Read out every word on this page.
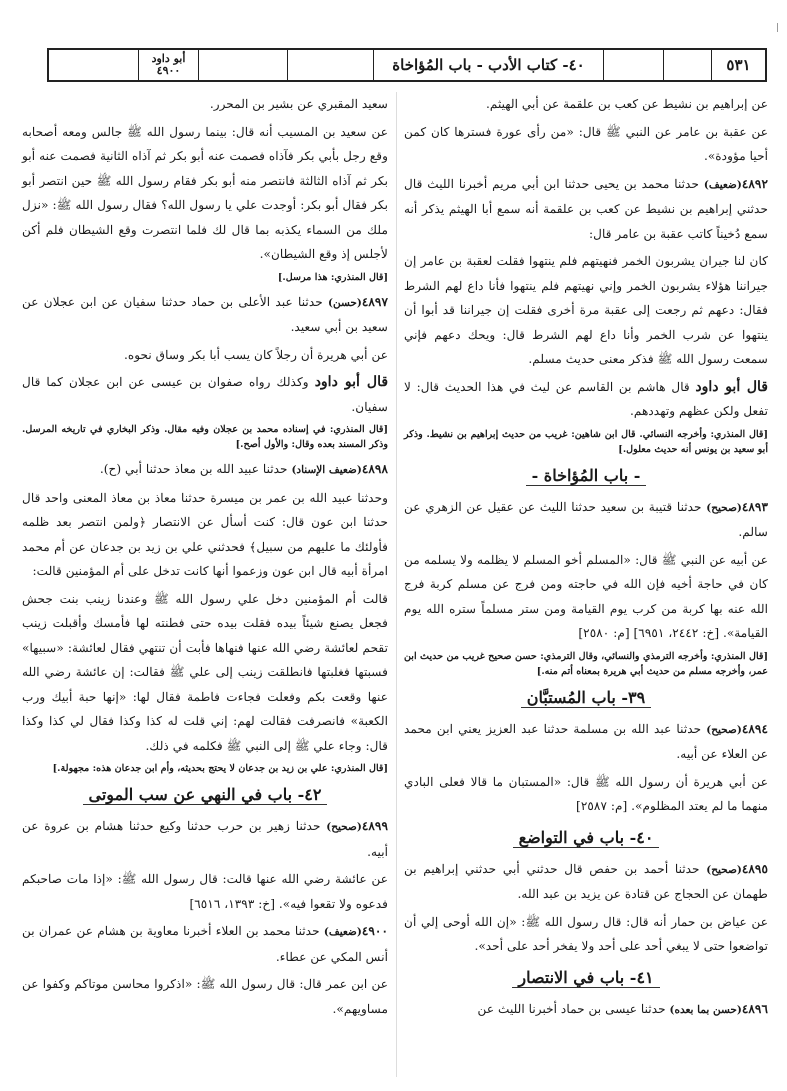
٥٣١
٤٠- كتاب الأدب - باب المُؤاخاة
أبو داود
٤٩٠٠

عن إبراهيم بن نشيط عن كعب بن علقمة عن أبي الهيثم.

عن عقبة بن عامر عن النبي ﷺ قال: «من رأى عورة فسترها كان كمن أحيا مؤودة».

٤٨٩٢(ضعيف) حدثنا محمد بن يحيى حدثنا ابن أبي مريم أخبرنا الليث قال حدثني إبراهيم بن نشيط عن كعب بن علقمة أنه سمع أبا الهيثم يذكر أنه سمع دُخيناً كاتب عقبة بن عامر قال:

كان لنا جيران يشربون الخمر فنهيتهم فلم ينتهوا فقلت لعقبة بن عامر إن جيراننا هؤلاء يشربون الخمر وإني نهيتهم فلم ينتهوا فأنا داع لهم الشرط فقال: دعهم ثم رجعت إلى عقبة مرة أخرى فقلت إن جيراننا قد أبوا أن ينتهوا عن شرب الخمر وأنا داع لهم الشرط قال: ويحك دعهم فإني سمعت رسول الله ﷺ فذكر معنى حديث مسلم.

قال أبو داود قال هاشم بن القاسم عن ليث في هذا الحديث قال: لا تفعل ولكن عظهم وتهددهم.

[قال المنذري: وأخرجه النسائي. قال ابن شاهين: غريب من حديث إبراهيم بن نشيط. وذكر أبو سعيد بن يونس أنه حديث معلول.]

- باب المُؤاخاة -

٤٨٩٣(صحيح) حدثنا قتيبة بن سعيد حدثنا الليث عن عقيل عن الزهري عن سالم.

عن أبيه عن النبي ﷺ قال: «المسلم أخو المسلم لا يظلمه ولا يسلمه من كان في حاجة أخيه فإن الله في حاجته ومن فرج عن مسلم كربة فرج الله عنه بها كربة من كرب يوم القيامة ومن ستر مسلماً ستره الله يوم القيامة». [خ: ٢٤٤٢، ٦٩٥١] [م: ٢٥٨٠]

[قال المنذري: وأخرجه الترمذي والنسائي، وقال الترمذي: حسن صحيح غريب من حديث ابن عمر، وأخرجه مسلم من حديث أبي هريرة بمعناه أتم منه.]

٣٩- باب المُستبَّان

٤٨٩٤(صحيح) حدثنا عبد الله بن مسلمة حدثنا عبد العزيز يعني ابن محمد عن العلاء عن أبيه.

عن أبي هريرة أن رسول الله ﷺ قال: «المستبان ما قالا فعلى البادي منهما ما لم يعتد المظلوم». [م: ٢٥٨٧]

٤٠- باب في التواضع

٤٨٩٥(صحيح) حدثنا أحمد بن حفص قال حدثني أبي حدثني إبراهيم بن طهمان عن الحجاج عن قتادة عن يزيد بن عبد الله.

عن عياض بن حمار أنه قال: قال رسول الله ﷺ: «إن الله أوحى إلي أن تواضعوا حتى لا يبغي أحد على أحد ولا يفخر أحد على أحد».

٤١- باب في الانتصار

٤٨٩٦(حسن بما بعده) حدثنا عيسى بن حماد أخبرنا الليث عن

سعيد المقبري عن بشير بن المحرر.

عن سعيد بن المسيب أنه قال: بينما رسول الله ﷺ جالس ومعه أصحابه وقع رجل بأبي بكر فآذاه فصمت عنه أبو بكر ثم آذاه الثانية فصمت عنه أبو بكر ثم آذاه الثالثة فانتصر منه أبو بكر فقام رسول الله ﷺ حين انتصر أبو بكر فقال أبو بكر: أوجدت علي يا رسول الله؟ فقال رسول الله ﷺ: «نزل ملك من السماء يكذبه بما قال لك فلما انتصرت وقع الشيطان فلم أكن لأجلس إذ وقع الشيطان».

[قال المنذري: هذا مرسل.]

٤٨٩٧(حسن) حدثنا عبد الأعلى بن حماد حدثنا سفيان عن ابن عجلان عن سعيد بن أبي سعيد.

عن أبي هريرة أن رجلاً كان يسب أبا بكر وساق نحوه.

قال أبو داود وكذلك رواه صفوان بن عيسى عن ابن عجلان كما قال سفيان.

[قال المنذري: في إسناده محمد بن عجلان وفيه مقال. وذكر البخاري في تاريخه المرسل. وذكر المسند بعده وقال: والأول أصح.]

٤٨٩٨(ضعيف الإسناد) حدثنا عبيد الله بن معاذ حدثنا أبي (ح).

وحدثنا عبيد الله بن عمر بن ميسرة حدثنا معاذ بن معاذ المعنى واحد قال حدثنا ابن عون قال: كنت أسأل عن الانتصار ﴿ولمن انتصر بعد ظلمه فأولئك ما عليهم من سبيل﴾ فحدثني علي بن زيد بن جدعان عن أم محمد امرأة أبيه قال ابن عون وزعموا أنها كانت تدخل على أم المؤمنين قالت:

قالت أم المؤمنين دخل علي رسول الله ﷺ وعندنا زينب بنت جحش فجعل يصنع شيئاً بيده فقلت بيده حتى فطنته لها فأمسك وأقبلت زينب تقحم لعائشة رضي الله عنها فنهاها فأبت أن تنتهي فقال لعائشة: «سبيها» فسبتها فغلبتها فانطلقت زينب إلى علي ﷺ فقالت: إن عائشة رضي الله عنها وقعت بكم وفعلت فجاءت فاطمة فقال لها: «إنها حبة أبيك ورب الكعبة» فانصرفت فقالت لهم: إني قلت له كذا وكذا فقال لي كذا وكذا قال: وجاء علي ﷺ إلى النبي ﷺ فكلمه في ذلك.

[قال المنذري: علي بن زيد بن جدعان لا يحتج بحديثه، وأم ابن جدعان هذه: مجهولة.]

٤٢- باب في النهي عن سب الموتى

٤٨٩٩(صحيح) حدثنا زهير بن حرب حدثنا وكيع حدثنا هشام بن عروة عن أبيه.

عن عائشة رضي الله عنها قالت: قال رسول الله ﷺ: «إذا مات صاحبكم فدعوه ولا تقعوا فيه». [خ: ١٣٩٣، ٦٥١٦]

٤٩٠٠(ضعيف) حدثنا محمد بن العلاء أخبرنا معاوية بن هشام عن عمران بن أنس المكي عن عطاء.

عن ابن عمر قال: قال رسول الله ﷺ: «اذكروا محاسن موتاكم وكفوا عن مساويهم».
